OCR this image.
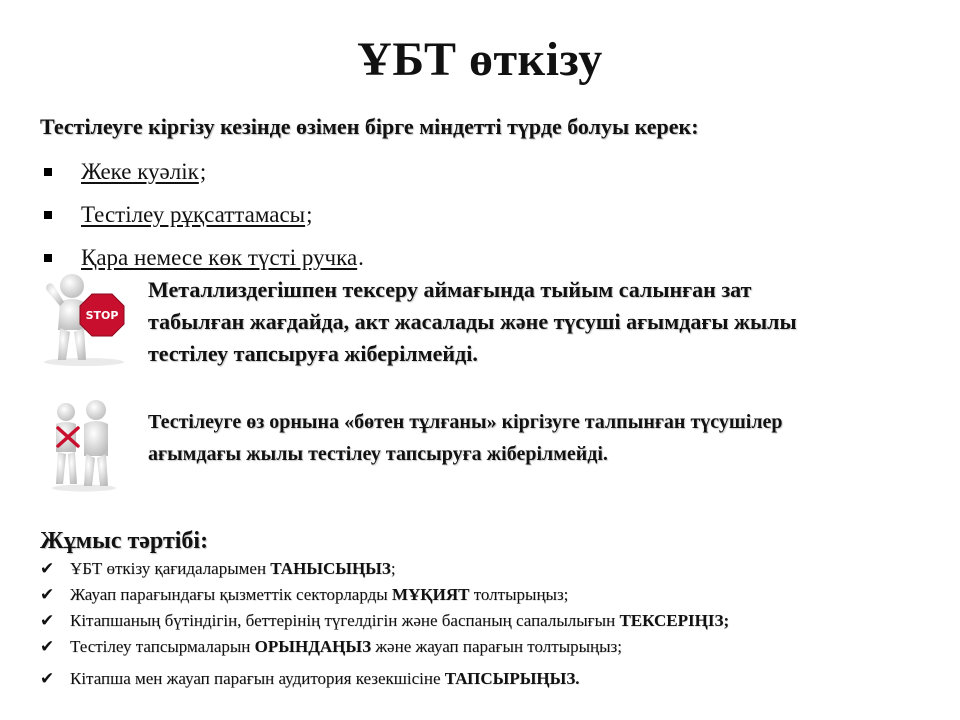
ҰБТ өткізу
Тестілеуге кіргізу кезінде өзімен бірге міндетті түрде болуы керек:
Жеке куәлік ;
Тестілеу рұқсаттамасы ;
Қара немесе көк түсті ручка .
STOP
Металлиздегішпен тексеру аймағында тыйым салынған зат
табылған жағдайда, акт жасалады және түсуші ағымдағы жылы
тестілеу тапсыруға жіберілмейді.
Тестілеуге өз орнына «бөтен тұлғаны» кіргізуге талпынған түсушілер
ағымдағы жылы тестілеу тапсыруға жіберілмейді.
Жұмыс тәртібі:
✔ ҰБТ өткізу қағидаларымен ТАНЫСЫҢЫЗ;
✔ Жауап парағындағы қызметтік секторларды МҰҚИЯТ толтырыңыз;
✔ Кітапшаның бүтіндігін, беттерінің түгелдігін және баспаның сапалылығын ТЕКСЕРІҢІЗ;
✔ Тестілеу тапсырмаларын ОРЫНДАҢЫЗ және жауап парағын толтырыңыз;
✔ Кітапша мен жауап парағын аудитория кезекшісіне ТАПСЫРЫҢЫЗ.
